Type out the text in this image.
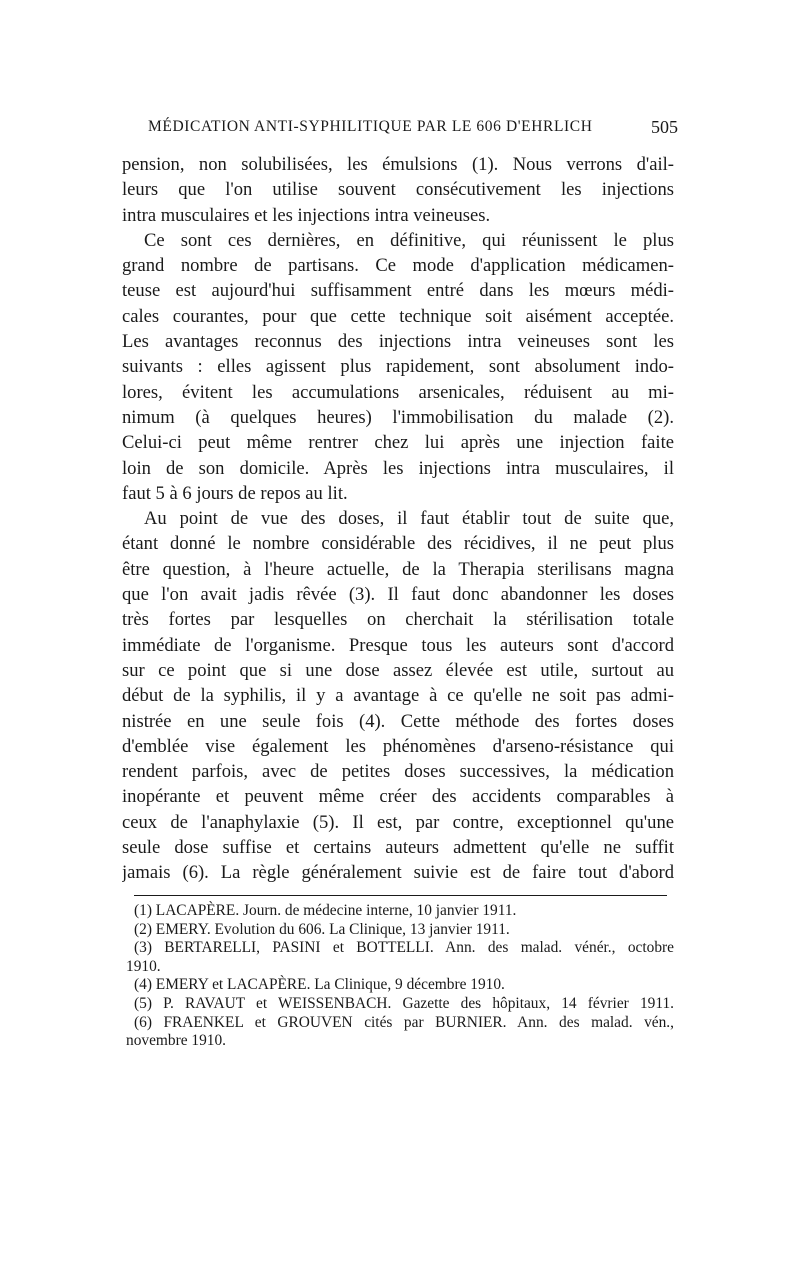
MÉDICATION ANTI-SYPHILITIQUE PAR LE 606 D'EHRLICH	505
pension, non solubilisées, les émulsions (1). Nous verrons d'ail-
leurs que l'on utilise souvent consécutivement les injections
intra musculaires et les injections intra veineuses.
Ce sont ces dernières, en définitive, qui réunissent le plus
grand nombre de partisans. Ce mode d'application médicamen-
teuse est aujourd'hui suffisamment entré dans les mœurs médi-
cales courantes, pour que cette technique soit aisément acceptée.
Les avantages reconnus des injections intra veineuses sont les
suivants : elles agissent plus rapidement, sont absolument indo-
lores, évitent les accumulations arsenicales, réduisent au mi-
nimum (à quelques heures) l'immobilisation du malade (2).
Celui-ci peut même rentrer chez lui après une injection faite
loin de son domicile. Après les injections intra musculaires, il
faut 5 à 6 jours de repos au lit.
Au point de vue des doses, il faut établir tout de suite que,
étant donné le nombre considérable des récidives, il ne peut plus
être question, à l'heure actuelle, de la Therapia sterilisans magna
que l'on avait jadis rêvée (3). Il faut donc abandonner les doses
très fortes par lesquelles on cherchait la stérilisation totale
immédiate de l'organisme. Presque tous les auteurs sont d'accord
sur ce point que si une dose assez élevée est utile, surtout au
début de la syphilis, il y a avantage à ce qu'elle ne soit pas admi-
nistrée en une seule fois (4). Cette méthode des fortes doses
d'emblée vise également les phénomènes d'arseno-résistance qui
rendent parfois, avec de petites doses successives, la médication
inopérante et peuvent même créer des accidents comparables à
ceux de l'anaphylaxie (5). Il est, par contre, exceptionnel qu'une
seule dose suffise et certains auteurs admettent qu'elle ne suffit
jamais (6). La règle généralement suivie est de faire tout d'abord
(1) LACAPÈRE. Journ. de médecine interne, 10 janvier 1911.
(2) EMERY. Evolution du 606. La Clinique, 13 janvier 1911.
(3) BERTARELLI, PASINI et BOTTELLI. Ann. des malad. vénér., octobre
1910.
(4) EMERY et LACAPÈRE. La Clinique, 9 décembre 1910.
(5) P. RAVAUT et WEISSENBACH. Gazette des hôpitaux, 14 février 1911.
(6) FRAENKEL et GROUVEN cités par BURNIER. Ann. des malad. vén.,
novembre 1910.
